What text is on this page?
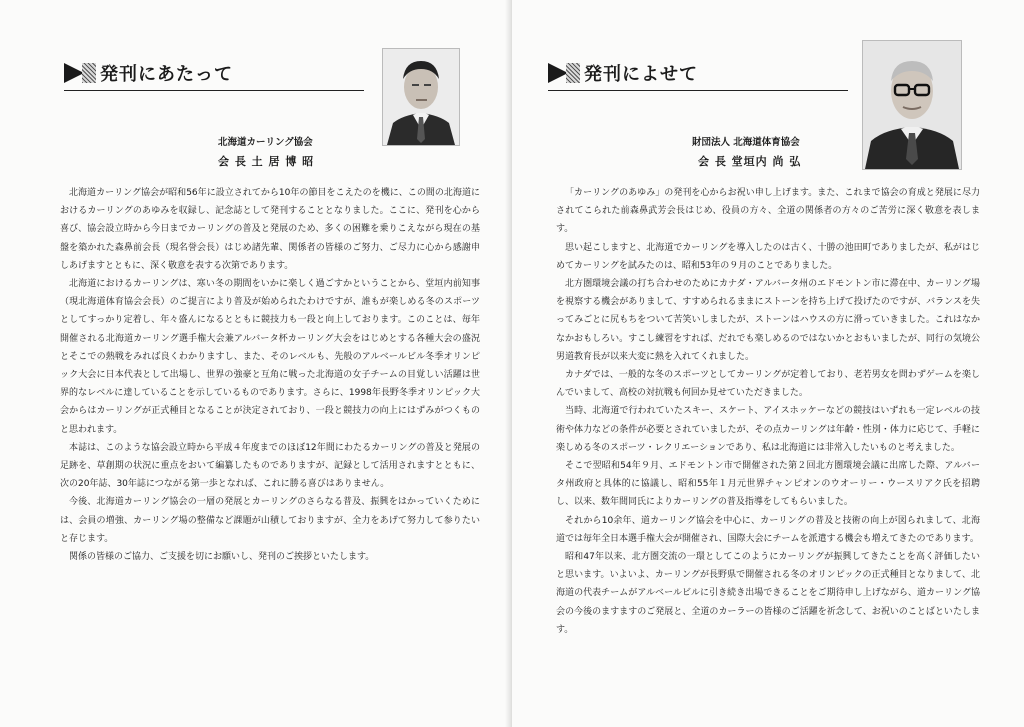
発刊にあたって
北海道カーリング協会
会 長 土 居 博 昭

北海道カーリング協会が昭和56年に設立されてから10年の節目をこえたのを機に、この間の北海道におけるカーリングのあゆみを収録し、記念誌として発刊することとなりました。ここに、発刊を心から喜び、協会設立時から今日までカーリングの普及と発展のため、多くの困難を乗りこえながら現在の基盤を築かれた森鼻前会長（現名誉会長）はじめ諸先輩、関係者の皆様のご努力、ご尽力に心から感謝申しあげますとともに、深く敬意を表する次第であります。

北海道におけるカーリングは、寒い冬の期間をいかに楽しく過ごすかということから、堂垣内前知事（現北海道体育協会会長）のご提言により普及が始められたわけですが、誰もが楽しめる冬のスポーツとしてすっかり定着し、年々盛んになるとともに競技力も一段と向上しております。このことは、毎年開催される北海道カーリング選手権大会兼アルバータ杯カーリング大会をはじめとする各種大会の盛況とそこでの熱戦をみれば良くわかりますし、また、そのレベルも、先般のアルベールビル冬季オリンピック大会に日本代表として出場し、世界の強豪と互角に戦った北海道の女子チームの目覚しい活躍は世界的なレベルに達していることを示しているものであります。さらに、1998年長野冬季オリンピック大会からはカーリングが正式種目となることが決定されており、一段と競技力の向上にはずみがつくものと思われます。

本誌は、このような協会設立時から平成４年度までのほぼ12年間にわたるカーリングの普及と発展の足跡を、草創期の状況に重点をおいて編纂したものでありますが、記録として活用されますとともに、次の20年誌、30年誌につながる第一歩となれば、これに勝る喜びはありません。

今後、北海道カーリング協会の一層の発展とカーリングのさらなる普及、振興をはかっていくためには、会員の増強、カーリング場の整備など課題が山積しておりますが、全力をあげて努力して参りたいと存じます。

関係の皆様のご協力、ご支援を切にお願いし、発刊のご挨拶といたします。

発刊によせて
財団法人 北海道体育協会
会 長 堂垣内 尚 弘

「カーリングのあゆみ」の発刊を心からお祝い申し上げます。また、これまで協会の育成と発展に尽力されてこられた前森鼻武芳会長はじめ、役員の方々、全道の関係者の方々のご苦労に深く敬意を表します。

思い起こしますと、北海道でカーリングを導入したのは古く、十勝の池田町でありましたが、私がはじめてカーリングを試みたのは、昭和53年の９月のことでありました。

北方圏環境会議の打ち合わせのためにカナダ・アルバータ州のエドモントン市に滞在中、カーリング場を視察する機会がありまして、すすめられるままにストーンを持ち上げて投げたのですが、バランスを失ってみごとに尻もちをついて苦笑いしましたが、ストーンはハウスの方に滑っていきました。これはなかなかおもしろい。すこし練習をすれば、だれでも楽しめるのではないかとおもいましたが、同行の気境公男道教育長が以来大変に熱を入れてくれました。

カナダでは、一般的な冬のスポーツとしてカーリングが定着しており、老若男女を問わずゲームを楽しんでいまして、高校の対抗戦も何回か見せていただきました。

当時、北海道で行われていたスキー、スケート、アイスホッケーなどの競技はいずれも一定レベルの技術や体力などの条件が必要とされていましたが、その点カーリングは年齢・性別・体力に応じて、手軽に楽しめる冬のスポーツ・レクリエーションであり、私は北海道には非常入したいものと考えました。

そこで翌昭和54年９月、エドモントン市で開催された第２回北方圏環境会議に出席した際、アルバータ州政府と具体的に協議し、昭和55年１月元世界チャンピオンのウオーリー・ウースリアク氏を招聘し、以来、数年間同氏によりカーリングの普及指導をしてもらいました。

それから10余年、道カーリング協会を中心に、カーリングの普及と技術の向上が図られまして、北海道では毎年全日本選手権大会が開催され、国際大会にチームを派遣する機会も増えてきたのであります。

昭和47年以来、北方圏交流の一環としてこのようにカーリングが振興してきたことを高く評価したいと思います。いよいよ、カーリングが長野県で開催される冬のオリンピックの正式種目となりまして、北海道の代表チームがアルベールビルに引き続き出場できることをご期待申し上げながら、道カーリング協会の今後のますますのご発展と、全道のカーラーの皆様のご活躍を祈念して、お祝いのことばといたします。
